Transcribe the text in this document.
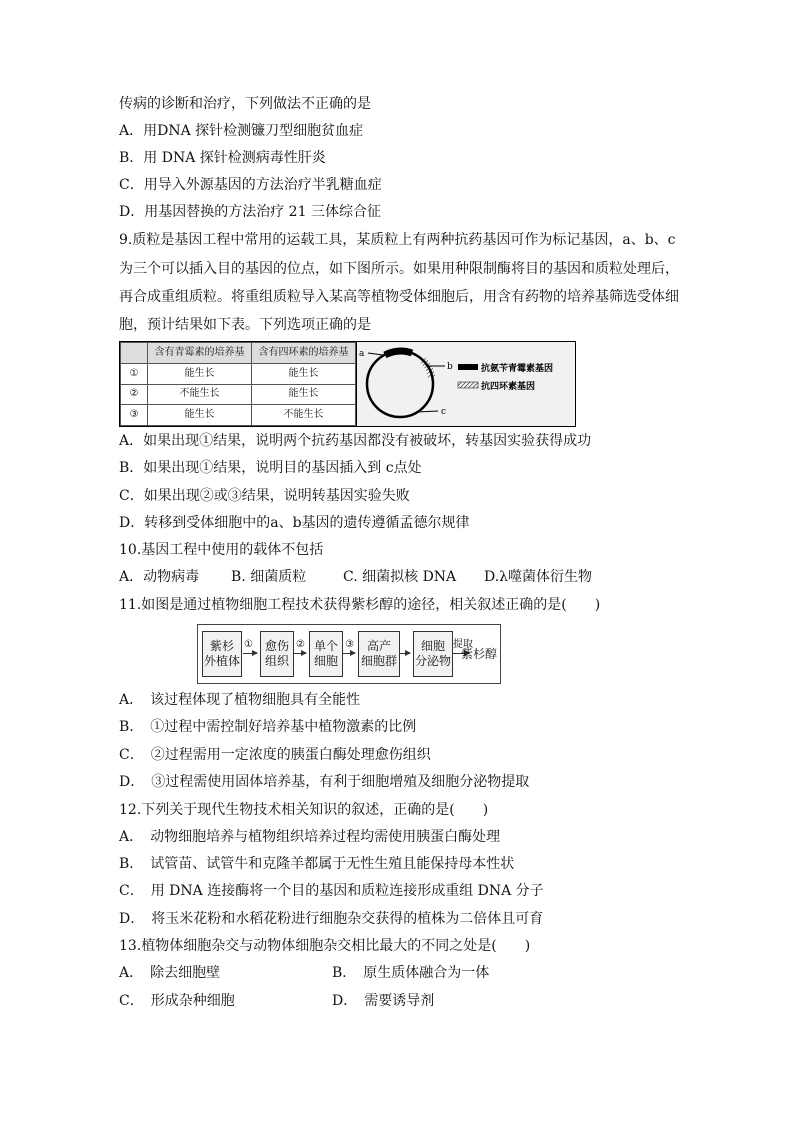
传病的诊断和治疗，下列做法不正确的是
A．用DNA 探针检测镰刀型细胞贫血症
B．用 DNA 探针检测病毒性肝炎
C．用导入外源基因的方法治疗半乳糖血症
D．用基因替换的方法治疗 21 三体综合征
9.质粒是基因工程中常用的运载工具，某质粒上有两种抗药基因可作为标记基因，a、b、c
为三个可以插入目的基因的位点，如下图所示。如果用种限制酶将目的基因和质粒处理后，
再合成重组质粒。将重组质粒导入某高等植物受体细胞后，用含有药物的培养基筛选受体细
胞，预计结果如下表。下列选项正确的是
	含有青霉素的培养基	含有四环素的培养基
①	能生长	能生长
②	不能生长	能生长
③	能生长	不能生长
a
b
c
抗氨苄青霉素基因
抗四环素基因
A．如果出现①结果，说明两个抗药基因都没有被破坏，转基因实验获得成功
B．如果出现①结果，说明目的基因插入到 c点处
C．如果出现②或③结果，说明转基因实验失败
D．转移到受体细胞中的a、b基因的遗传遵循孟德尔规律
10.基因工程中使用的载体不包括
A．动物病毒 B. 细菌质粒	C. 细菌拟核 DNA D.λ噬菌体衍生物
11.如图是通过植物细胞工程技术获得紫杉醇的途径，相关叙述正确的是(　　)
紫杉
外植体
①	愈伤
组织
② 单个
细胞
③	高产
细胞群
细胞
分泌物
提取
紫杉醇
A．　该过程体现了植物细胞具有全能性
B．　①过程中需控制好培养基中植物激素的比例
C．　②过程需用一定浓度的胰蛋白酶处理愈伤组织
D．　③过程需使用固体培养基，有利于细胞增殖及细胞分泌物提取
12.下列关于现代生物技术相关知识的叙述，正确的是(　　)
A．　动物细胞培养与植物组织培养过程均需使用胰蛋白酶处理
B．　试管苗、试管牛和克隆羊都属于无性生殖且能保持母本性状
C．　用 DNA 连接酶将一个目的基因和质粒连接形成重组 DNA 分子
D．　将玉米花粉和水稻花粉进行细胞杂交获得的植株为二倍体且可育
13.植物体细胞杂交与动物体细胞杂交相比最大的不同之处是(　　)
A．　除去细胞壁	B．　原生质体融合为一体
C．　形成杂种细胞	D．　需要诱导剂
